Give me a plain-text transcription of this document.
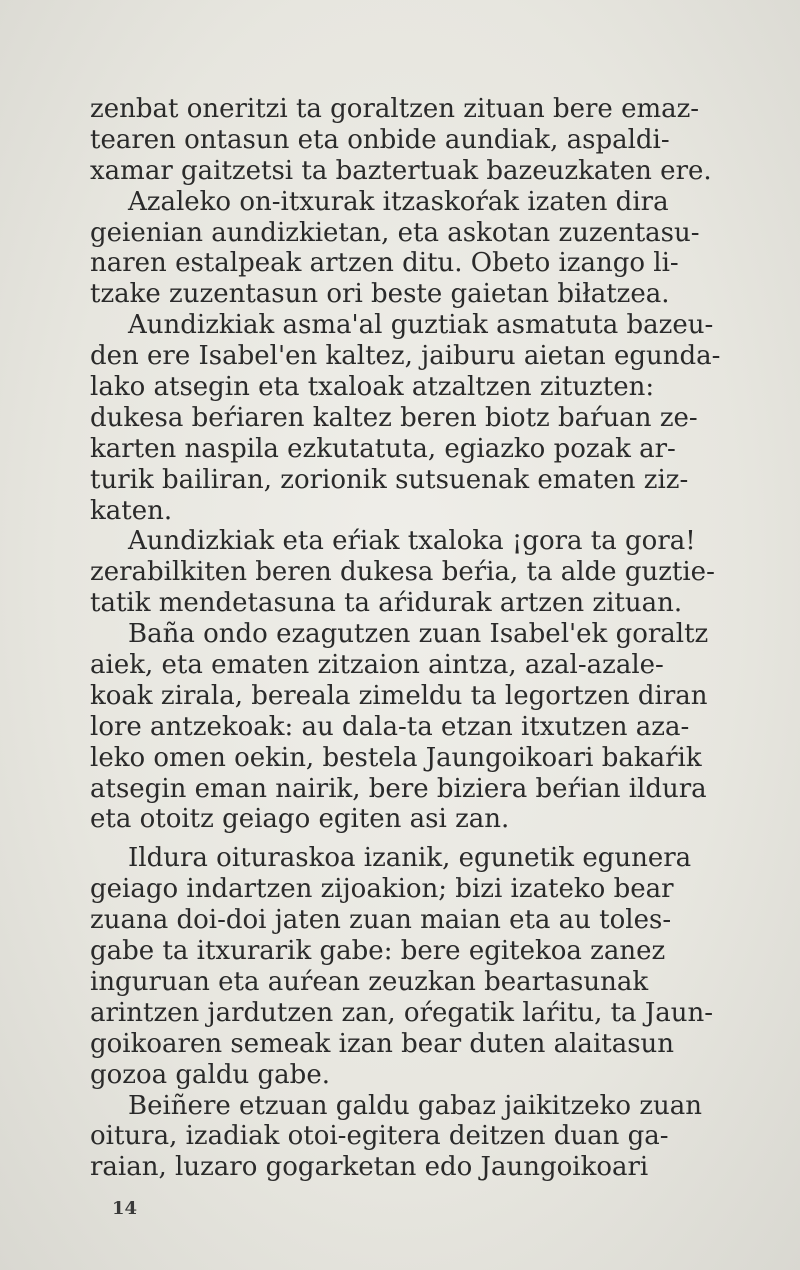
zenbat oneritzi ta goraltzen zituan bere emaz-
tearen ontasun eta onbide aundiak, aspaldi-
xamar gaitzetsi ta baztertuak bazeuzkaten ere.
Azaleko on-itxurak itzaskoŕak izaten dira
geienian aundizkietan, eta askotan zuzentasu-
naren estalpeak artzen ditu. Obeto izango li-
tzake zuzentasun ori beste gaietan biłatzea.
Aundizkiak asma'al guztiak asmatuta bazeu-
den ere Isabel'en kaltez, jaiburu aietan egunda-
lako atsegin eta txaloak atzaltzen zituzten:
dukesa beŕiaren kaltez beren biotz baŕuan ze-
karten naspila ezkutatuta, egiazko pozak ar-
turik bailiran, zorionik sutsuenak ematen ziz-
katen.
Aundizkiak eta eŕiak txaloka ¡gora ta gora!
zerabilkiten beren dukesa beŕia, ta alde guztie-
tatik mendetasuna ta aŕidurak artzen zituan.
Baña ondo ezagutzen zuan Isabel'ek goraltz
aiek, eta ematen zitzaion aintza, azal-azale-
koak zirala, bereala zimeldu ta legortzen diran
lore antzekoak: au dala-ta etzan itxutzen aza-
leko omen oekin, bestela Jaungoikoari bakaŕik
atsegin eman nairik, bere biziera beŕian ildura
eta otoitz geiago egiten asi zan.
Ildura oituraskoa izanik, egunetik egunera
geiago indartzen zijoakion; bizi izateko bear
zuana doi-doi jaten zuan maian eta au toles-
gabe ta itxurarik gabe: bere egitekoa zanez
inguruan eta auŕean zeuzkan beartasunak
arintzen jardutzen zan, oŕegatik laŕitu, ta Jaun-
goikoaren semeak izan bear duten alaitasun
gozoa galdu gabe.
Beiñere etzuan galdu gabaz jaikitzeko zuan
oitura, izadiak otoi-egitera deitzen duan ga-
raian, luzaro gogarketan edo Jaungoikoari
14
